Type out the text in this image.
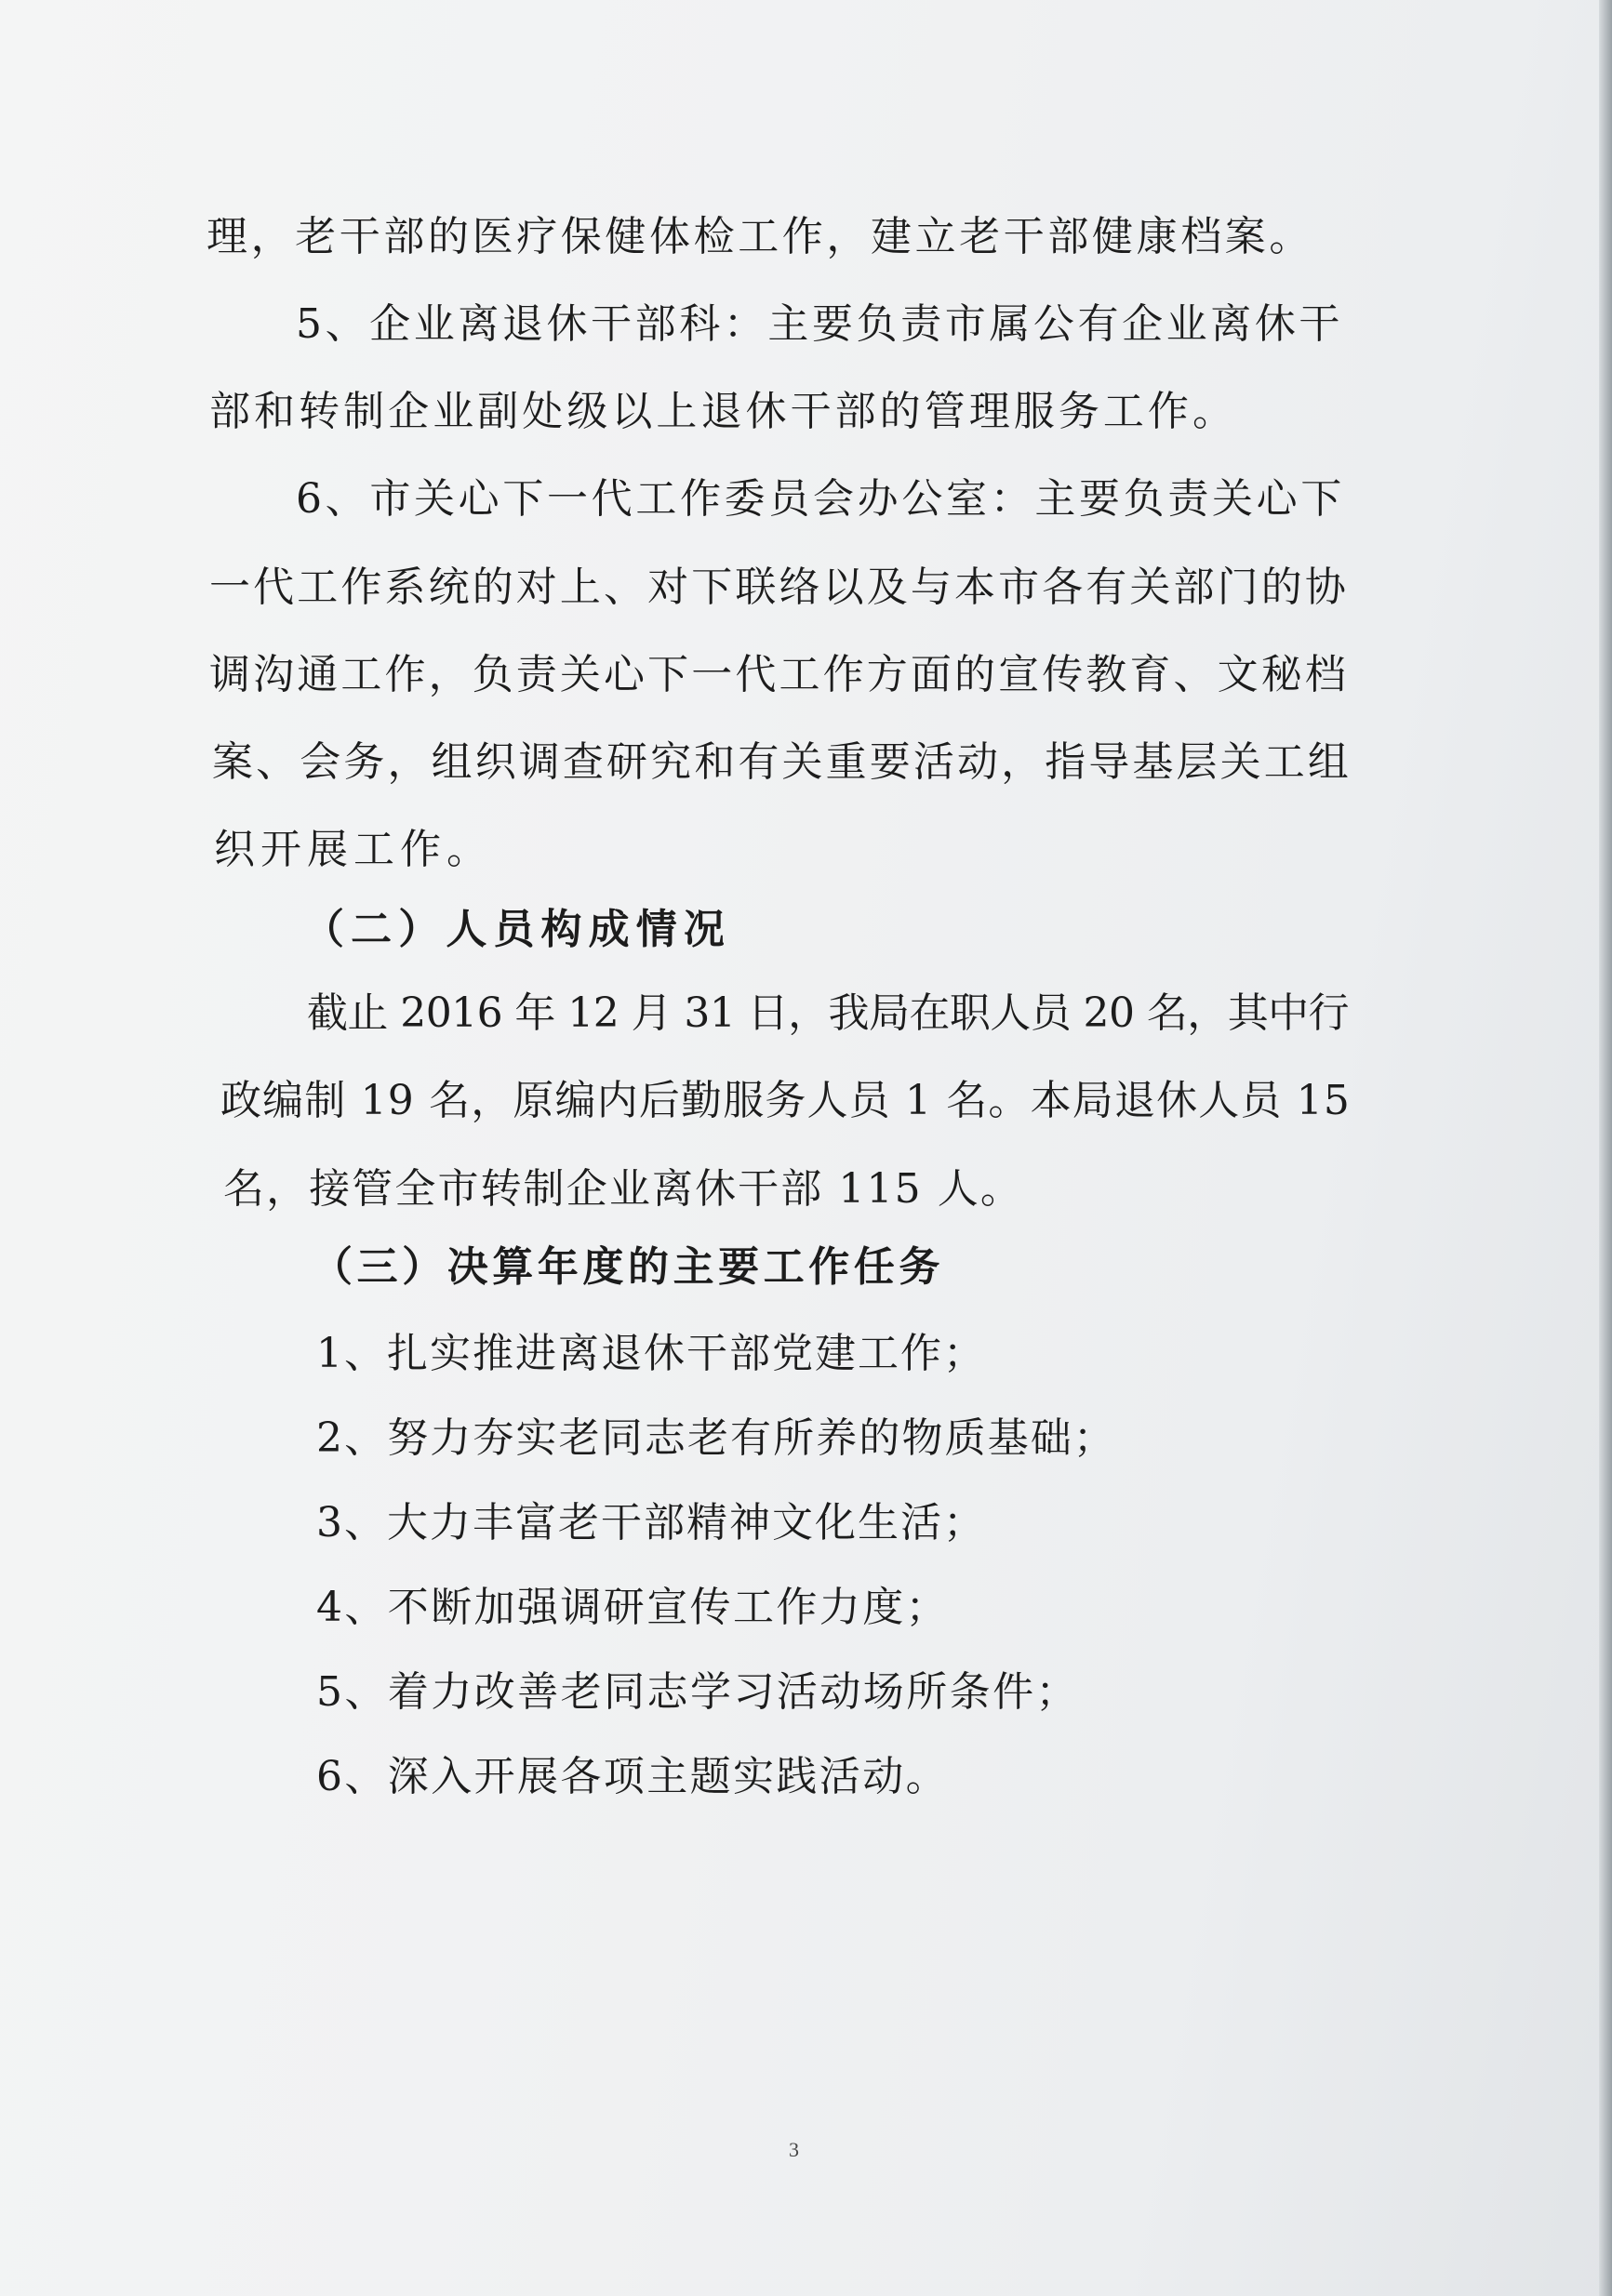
理，老干部的医疗保健体检工作，建立老干部健康档案。

5、企业离退休干部科：主要负责市属公有企业离休干

部和转制企业副处级以上退休干部的管理服务工作。

6、市关心下一代工作委员会办公室：主要负责关心下

一代工作系统的对上、对下联络以及与本市各有关部门的协

调沟通工作，负责关心下一代工作方面的宣传教育、文秘档

案、会务，组织调查研究和有关重要活动，指导基层关工组

织开展工作。

（二）人员构成情况

截止 2016 年 12 月 31 日，我局在职人员 20 名，其中行

政编制 19 名，原编内后勤服务人员 1 名。本局退休人员 15

名，接管全市转制企业离休干部 115 人。

（三）决算年度的主要工作任务

1、扎实推进离退休干部党建工作；

2、努力夯实老同志老有所养的物质基础；

3、大力丰富老干部精神文化生活；

4、不断加强调研宣传工作力度；

5、着力改善老同志学习活动场所条件；

6、深入开展各项主题实践活动。

3
